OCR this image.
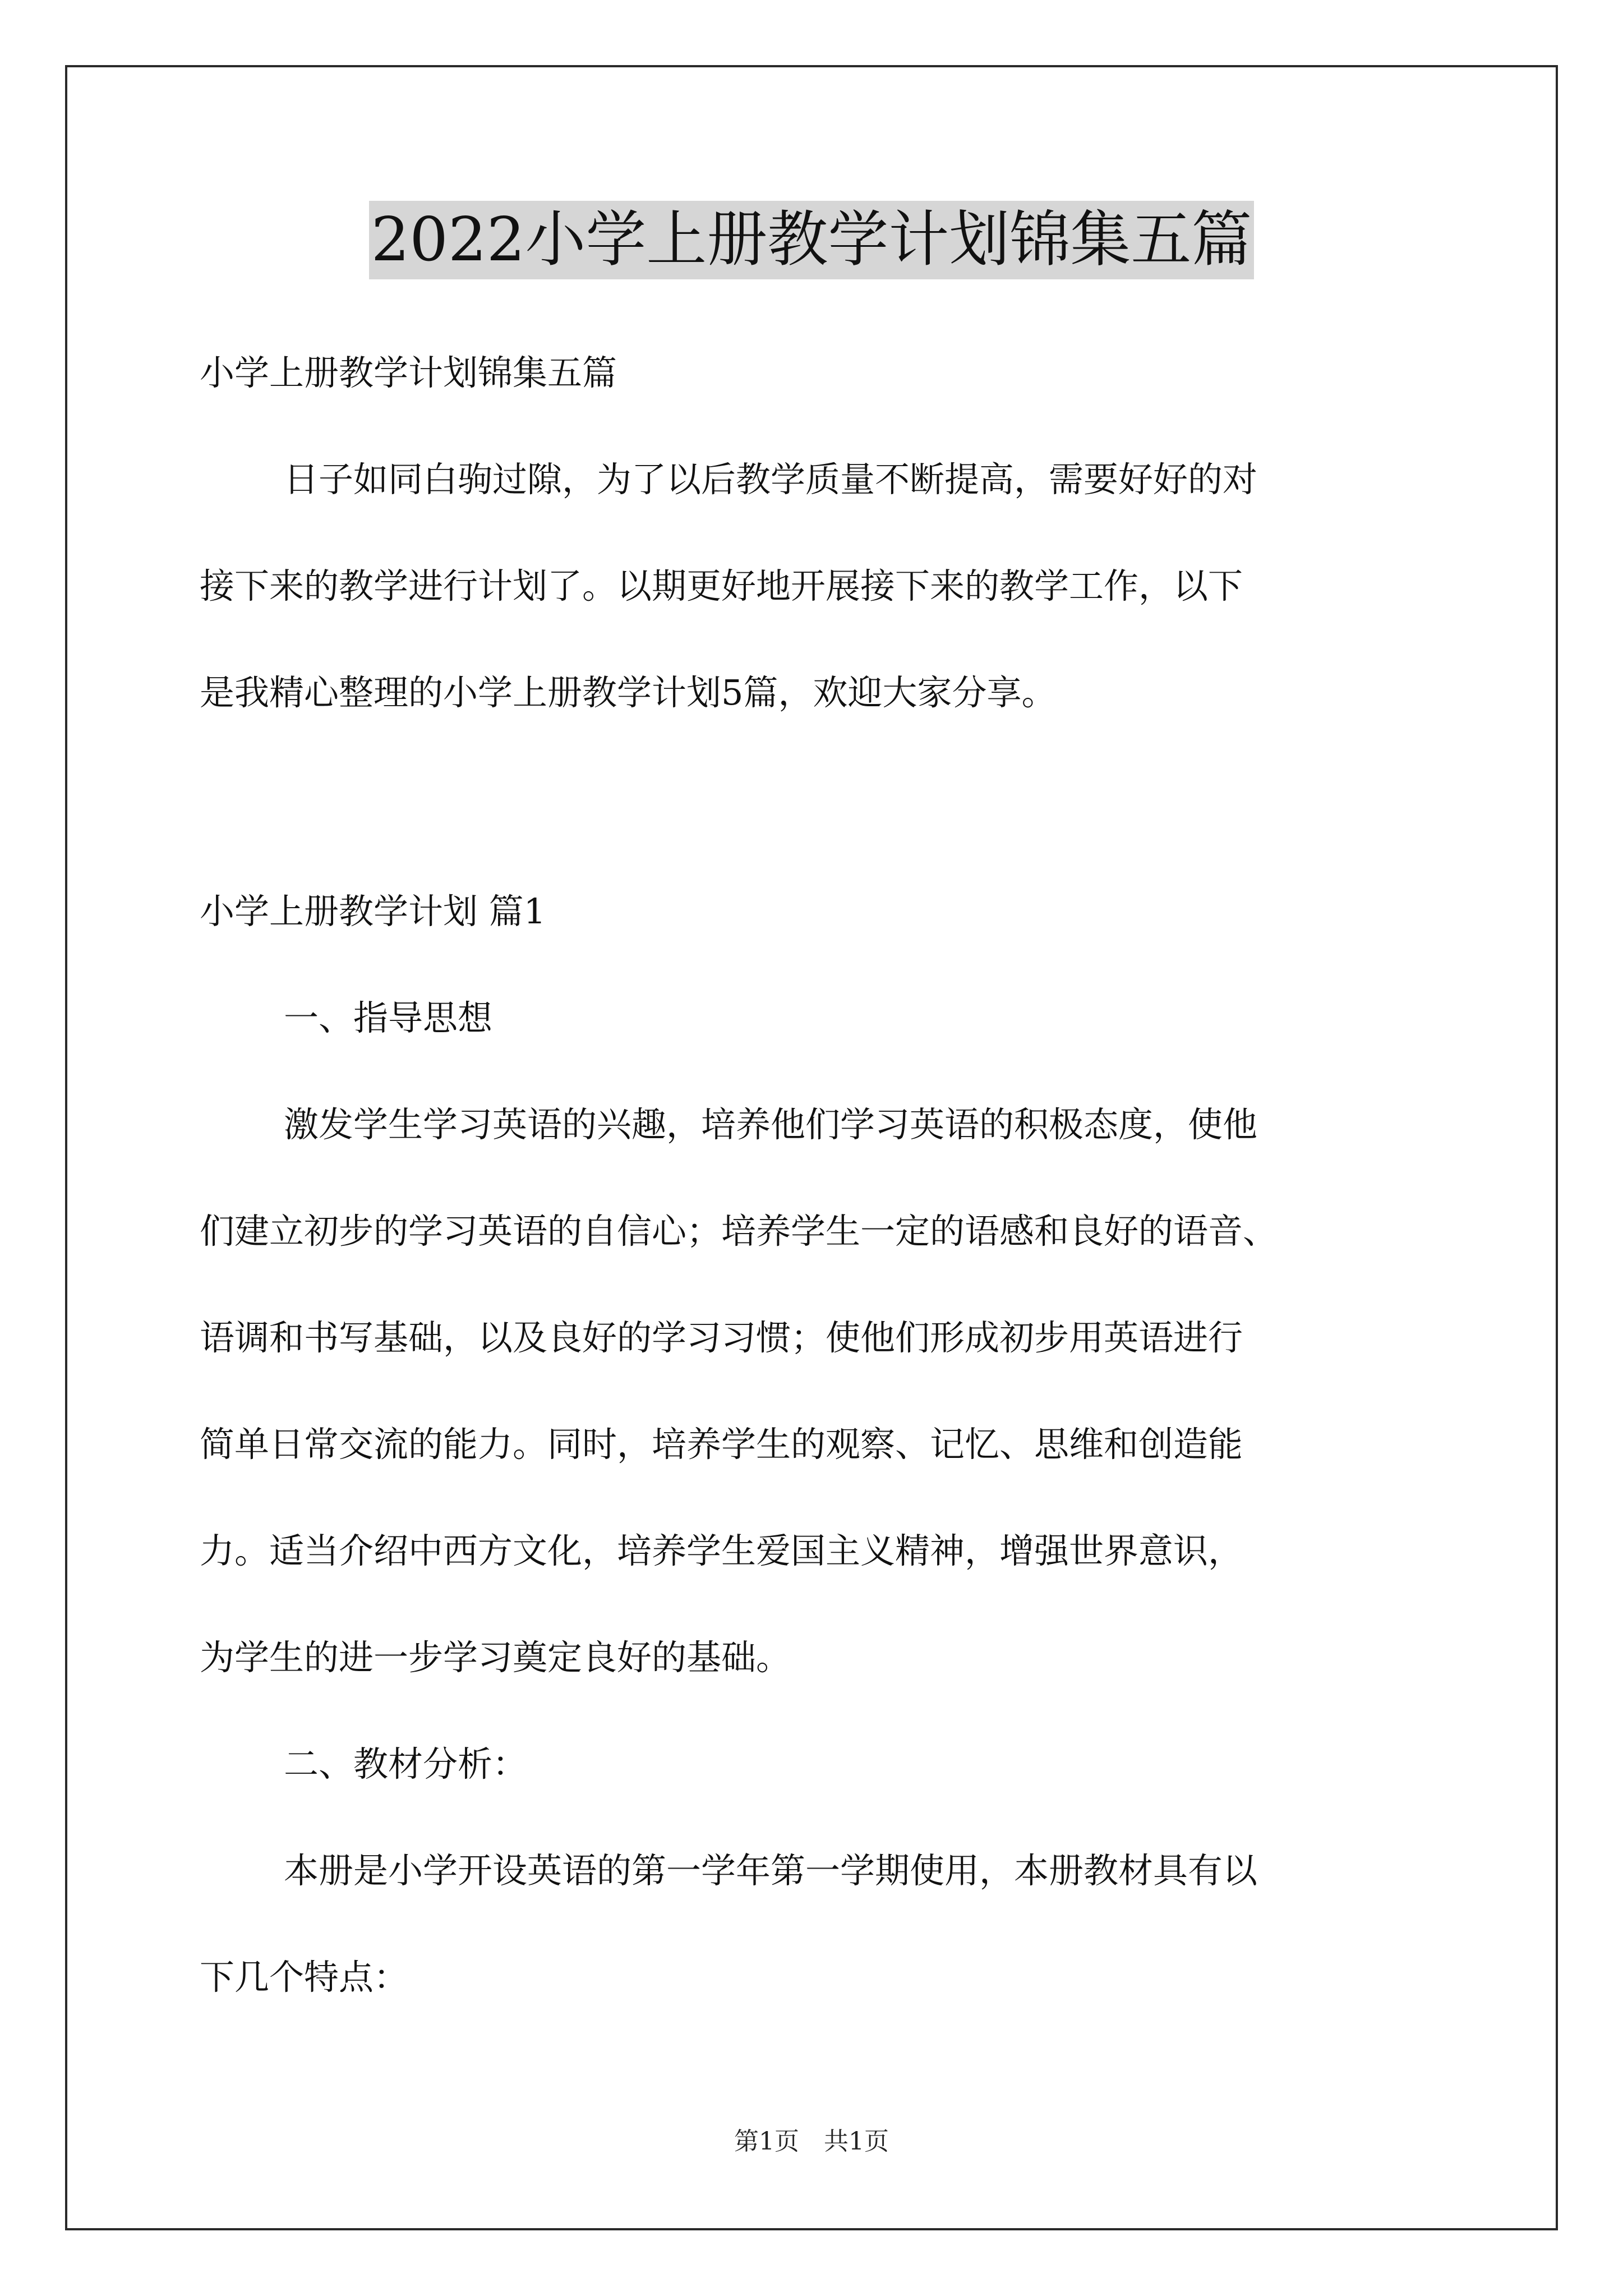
2022小学上册教学计划锦集五篇

小学上册教学计划锦集五篇

日子如同白驹过隙，为了以后教学质量不断提高，需要好好的对

接下来的教学进行计划了。以期更好地开展接下来的教学工作，以下

是我精心整理的小学上册教学计划5篇，欢迎大家分享。

小学上册教学计划 篇1

一、指导思想

激发学生学习英语的兴趣，培养他们学习英语的积极态度，使他

们建立初步的学习英语的自信心；培养学生一定的语感和良好的语音、

语调和书写基础，以及良好的学习习惯；使他们形成初步用英语进行

简单日常交流的能力。同时，培养学生的观察、记忆、思维和创造能

力。适当介绍中西方文化，培养学生爱国主义精神，增强世界意识，

为学生的进一步学习奠定良好的基础。

二、教材分析：

本册是小学开设英语的第一学年第一学期使用，本册教材具有以

下几个特点：

第1页　共1页
